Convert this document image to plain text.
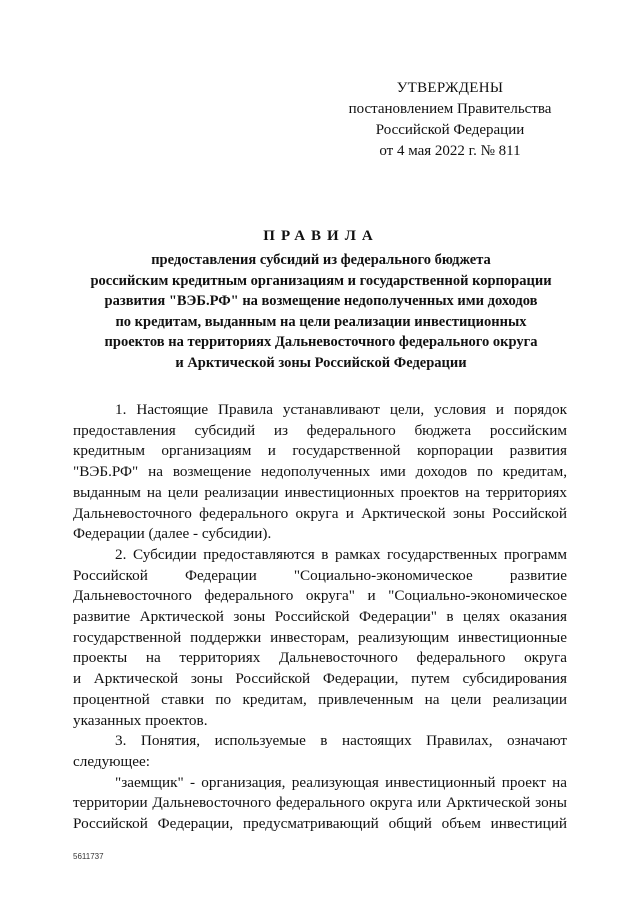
УТВЕРЖДЕНЫ
постановлением Правительства
Российской Федерации
от 4 мая 2022 г. № 811
ПРАВИЛА
предоставления субсидий из федерального бюджета
российским кредитным организациям и государственной корпорации
развития "ВЭБ.РФ" на возмещение недополученных ими доходов
по кредитам, выданным на цели реализации инвестиционных
проектов на территориях Дальневосточного федерального округа
и Арктической зоны Российской Федерации
1. Настоящие Правила устанавливают цели, условия и порядок
предоставления субсидий из федерального бюджета российским
кредитным организациям и государственной корпорации развития
"ВЭБ.РФ" на возмещение недополученных ими доходов по кредитам,
выданным на цели реализации инвестиционных проектов на территориях
Дальневосточного федерального округа и Арктической зоны Российской
Федерации (далее - субсидии).
2. Субсидии предоставляются в рамках государственных программ
Российской Федерации "Социально-экономическое развитие
Дальневосточного федерального округа" и "Социально-экономическое
развитие Арктической зоны Российской Федерации" в целях оказания
государственной поддержки инвесторам, реализующим инвестиционные
проекты на территориях Дальневосточного федерального округа
и Арктической зоны Российской Федерации, путем субсидирования
процентной ставки по кредитам, привлеченным на цели реализации
указанных проектов.
3. Понятия, используемые в настоящих Правилах, означают
следующее:
"заемщик" - организация, реализующая инвестиционный проект на
территории Дальневосточного федерального округа или Арктической зоны
Российской Федерации, предусматривающий общий объем инвестиций
5611737
